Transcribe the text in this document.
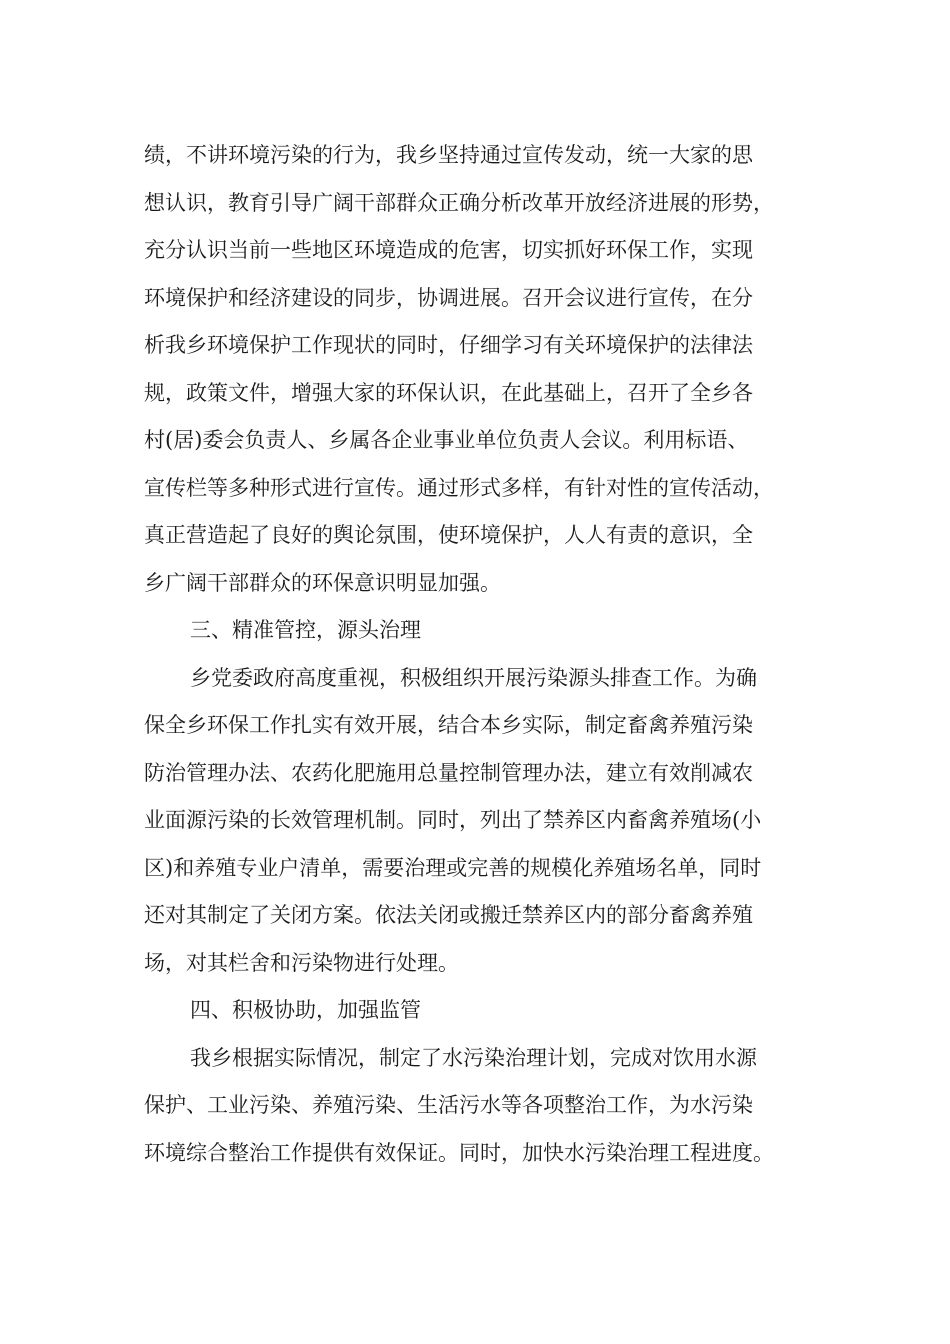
绩，不讲环境污染的行为，我乡坚持通过宣传发动，统一大家的思
想认识，教育引导广阔干部群众正确分析改革开放经济进展的形势，
充分认识当前一些地区环境造成的危害，切实抓好环保工作，实现
环境保护和经济建设的同步，协调进展。召开会议进行宣传，在分
析我乡环境保护工作现状的同时，仔细学习有关环境保护的法律法
规，政策文件，增强大家的环保认识，在此基础上，召开了全乡各
村(居)委会负责人、乡属各企业事业单位负责人会议。利用标语、
宣传栏等多种形式进行宣传。通过形式多样，有针对性的宣传活动，
真正营造起了良好的舆论氛围，使环境保护，人人有责的意识，全
乡广阔干部群众的环保意识明显加强。
三、精准管控，源头治理
乡党委政府高度重视，积极组织开展污染源头排查工作。为确
保全乡环保工作扎实有效开展，结合本乡实际，制定畜禽养殖污染
防治管理办法、农药化肥施用总量控制管理办法，建立有效削减农
业面源污染的长效管理机制。同时，列出了禁养区内畜禽养殖场(小
区)和养殖专业户清单，需要治理或完善的规模化养殖场名单，同时
还对其制定了关闭方案。依法关闭或搬迁禁养区内的部分畜禽养殖
场，对其栏舍和污染物进行处理。
四、积极协助，加强监管
我乡根据实际情况，制定了水污染治理计划，完成对饮用水源
保护、工业污染、养殖污染、生活污水等各项整治工作，为水污染
环境综合整治工作提供有效保证。同时，加快水污染治理工程进度。
